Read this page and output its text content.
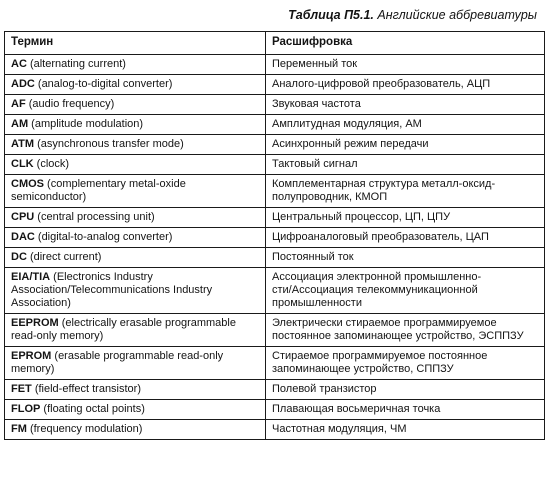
Таблица П5.1. Английские аббревиатуры
Термин	Расшифровка
AC (alternating current)	Переменный ток
ADC (analog-to-digital converter)	Аналого-цифровой преобразователь, АЦП
AF (audio frequency)	Звуковая частота
AM (amplitude modulation)	Амплитудная модуляция, AM
ATM (asynchronous transfer mode)	Асинхронный режим передачи
CLK (clock)	Тактовый сигнал
CMOS (complementary metal-oxide
semiconductor)	Комплементарная структура металл-оксид-
полупроводник, КМОП
CPU (central processing unit)	Центральный процессор, ЦП, ЦПУ
DAC (digital-to-analog converter)	Цифроаналоговый преобразователь, ЦАП
DC (direct current)	Постоянный ток
EIA/TIA (Electronics Industry
Association/Telecommunications Industry
Association)	Ассоциация электронной промышленно-
сти/Ассоциация телекоммуникационной
промышленности
EEPROM (electrically erasable programmable
read-only memory)	Электрически стираемое программируемое
постоянное запоминающее устройство, ЭСППЗУ
EPROM (erasable programmable read-only
memory)	Стираемое программируемое постоянное
запоминающее устройство, СППЗУ
FET (field-effect transistor)	Полевой транзистор
FLOP (floating octal points)	Плавающая восьмеричная точка
FM (frequency modulation)	Частотная модуляция, ЧМ
